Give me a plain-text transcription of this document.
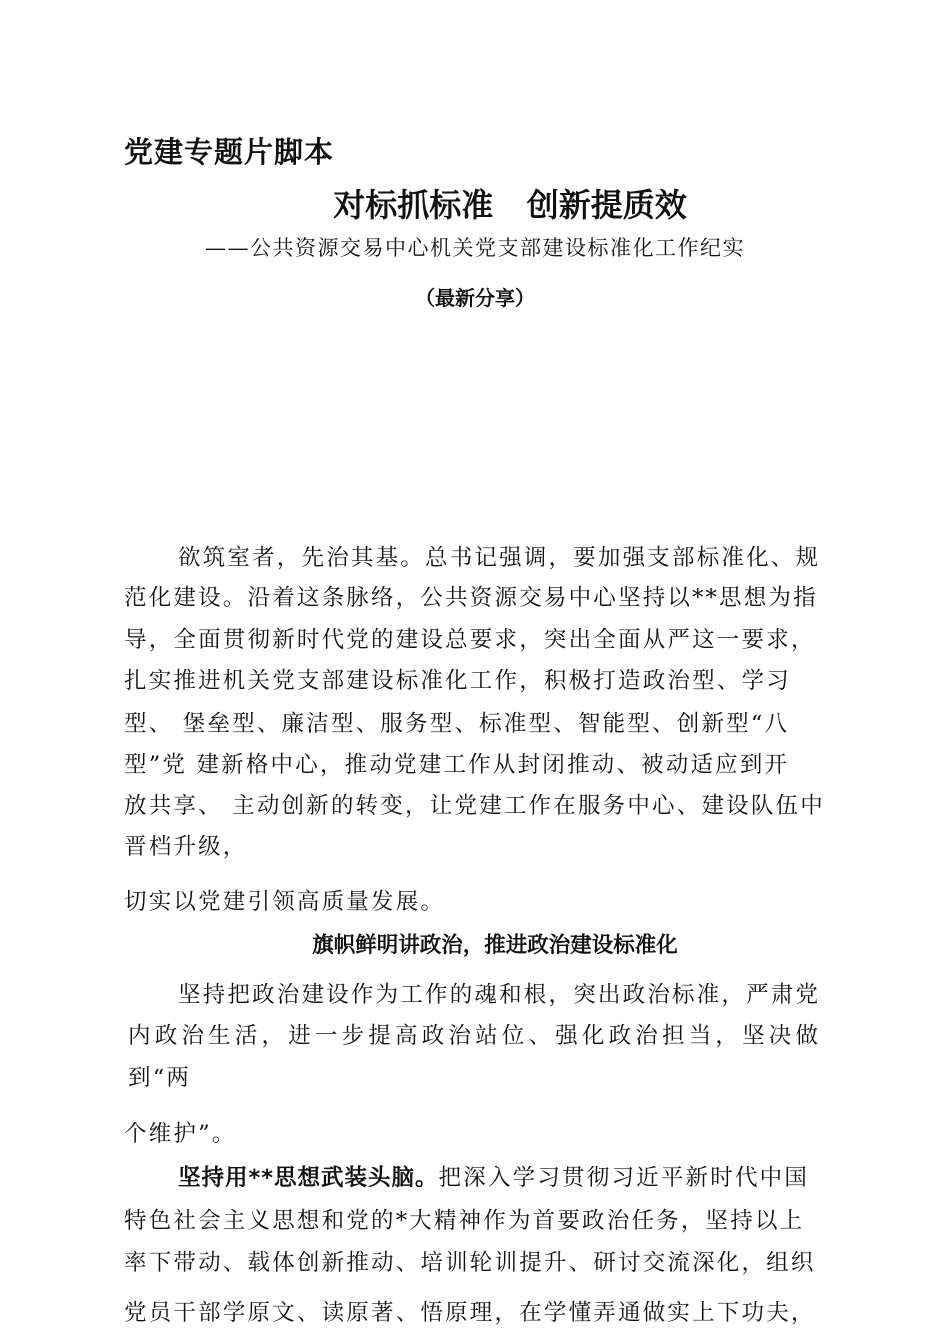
党建专题片脚本
对标抓标准   创新提质效
——公共资源交易中心机关党支部建设标准化工作纪实
（最新分享）
欲筑室者，先治其基。总书记强调，要加强支部标准化、规
范化建设。沿着这条脉络，公共资源交易中心坚持以**思想为指
导，全面贯彻新时代党的建设总要求，突出全面从严这一要求，
扎实推进机关党支部建设标准化工作，积极打造政治型、学习
型、 堡垒型、廉洁型、服务型、标准型、智能型、创新型“八
型”党 建新格中心，推动党建工作从封闭推动、被动适应到开
放共享、 主动创新的转变，让党建工作在服务中心、建设队伍中
晋档升级，
切实以党建引领高质量发展。
旗帜鲜明讲政治，推进政治建设标准化
坚持把政治建设作为工作的魂和根，突出政治标准，严肃党
内政治生活，进一步提高政治站位、强化政治担当，坚决做
到“两
个维护”。
坚持用**思想武装头脑。把深入学习贯彻习近平新时代中国
特色社会主义思想和党的*大精神作为首要政治任务，坚持以上
率下带动、载体创新推动、培训轮训提升、研讨交流深化，组织
党员干部学原文、读原著、悟原理，在学懂弄通做实上下功夫，
